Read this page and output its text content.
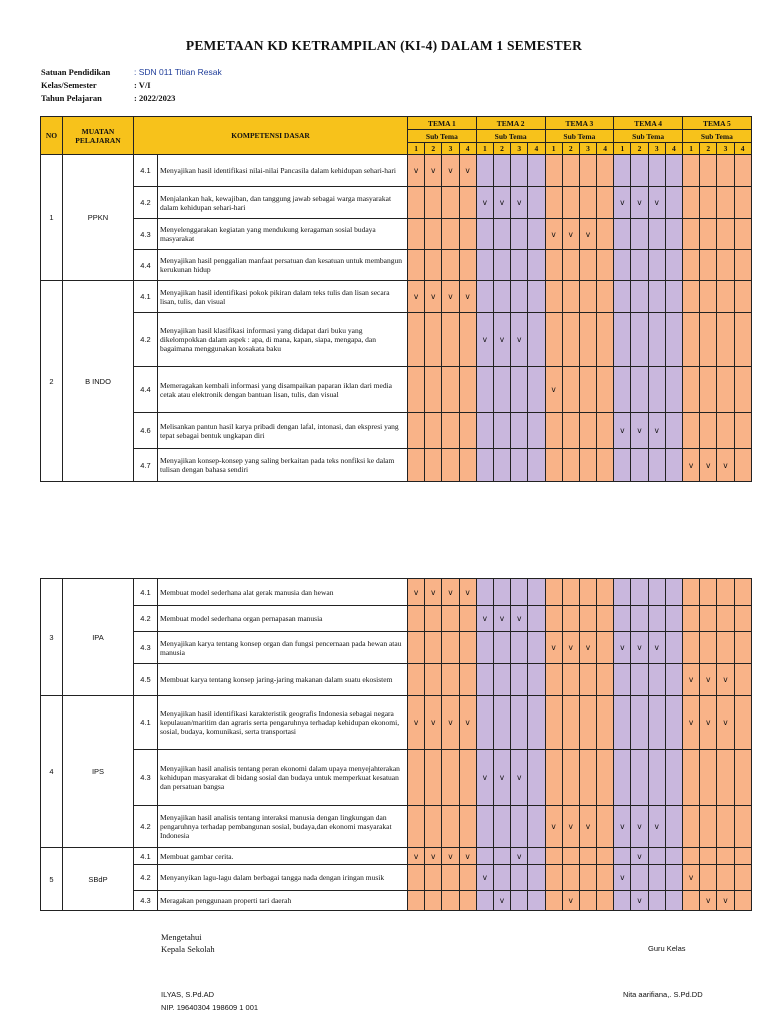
PEMETAAN KD KETRAMPILAN (KI-4) DALAM 1 SEMESTER
Satuan Pendidikan	: SDN 011 Titian Resak
Kelas/Semester	: V/I
Tahun Pelajaran	: 2022/2023
NO	MUATAN PELAJARAN	KOMPETENSI DASAR		TEMA 1				TEMA 2				TEMA 3				TEMA 4				TEMA 5			
				Sub Tema				Sub Tema				Sub Tema				Sub Tema				Sub Tema			
				1	2	3	4	1	2	3	4	1	2	3	4	1	2	3	4	1	2	3	4
1	PPKN	4.1	Menyajikan hasil identifikasi nilai-nilai Pancasila dalam kehidupan sehari-hari	v	v	v	v																
		4.2	Menjalankan hak, kewajiban, dan tanggung jawab sebagai warga masyarakat dalam kehidupan sehari-hari					v	v	v						v	v	v					
		4.3	Menyelenggarakan kegiatan yang mendukung keragaman sosial budaya masyarakat									v	v	v									
		4.4	Menyajikan hasil penggalian manfaat persatuan dan kesatuan untuk membangun kerukunan hidup																				
2	B INDO	4.1	Menyajikan hasil identifikasi pokok pikiran dalam teks tulis dan lisan secara lisan, tulis, dan visual	v	v	v	v																
		4.2	Menyajikan hasil klasifikasi informasi yang didapat dari buku yang dikelompokkan dalam aspek : apa, di mana, kapan, siapa, mengapa, dan bagaimana menggunakan kosakata baku					v	v	v													
		4.4	Memeragakan kembali informasi yang disampaikan paparan iklan dari media cetak atau elektronik dengan bantuan lisan, tulis, dan visual									v											
		4.6	Melisankan pantun hasil karya pribadi dengan lafal, intonasi, dan ekspresi yang tepat sebagai bentuk ungkapan diri													v	v	v					
		4.7	Menyajikan konsep-konsep yang saling berkaitan pada teks nonfiksi ke dalam tulisan dengan bahasa sendiri																	v	v	v	
3	IPA	4.1	Membuat model sederhana alat gerak manusia dan hewan	v	v	v	v																
		4.2	Membuat model sederhana organ pernapasan manusia					v	v	v													
		4.3	Menyajikan karya tentang konsep organ dan fungsi pencernaan pada hewan atau manusia									v	v	v		v	v	v					
		4.5	Membuat karya tentang konsep jaring-jaring makanan dalam suatu ekosistem																	v	v	v	
4	IPS	4.1	Menyajikan hasil identifikasi karakteristik geografis Indonesia sebagai negara kepulauan/maritim dan agraris serta pengaruhnya terhadap kehidupan ekonomi, sosial, budaya, komunikasi, serta transportasi	v	v	v	v													v	v	v	
		4.3	Menyajikan hasil analisis tentang peran ekonomi dalam upaya menyejahterakan kehidupan masyarakat di bidang sosial dan budaya untuk memperkuat kesatuan dan persatuan bangsa					v	v	v													
		4.2	Menyajikan hasil analisis tentang interaksi manusia dengan lingkungan dan pengaruhnya terhadap pembangunan sosial, budaya,dan ekonomi masyarakat Indonesia									v	v	v		v	v	v					
5	SBdP	4.1	Membuat gambar cerita.	v	v	v	v			v							v						
		4.2	Menyanyikan lagu-lagu dalam berbagai tangga nada dengan iringan musik					v								v				v			
		4.3	Meragakan penggunaan properti tari daerah						v				v				v				v	v	
Mengetahui
Kepala Sekolah	Guru Kelas
ILYAS, S.Pd.AD
NIP. 19640304 198609 1 001
Nita aarifiana,. S.Pd.DD
